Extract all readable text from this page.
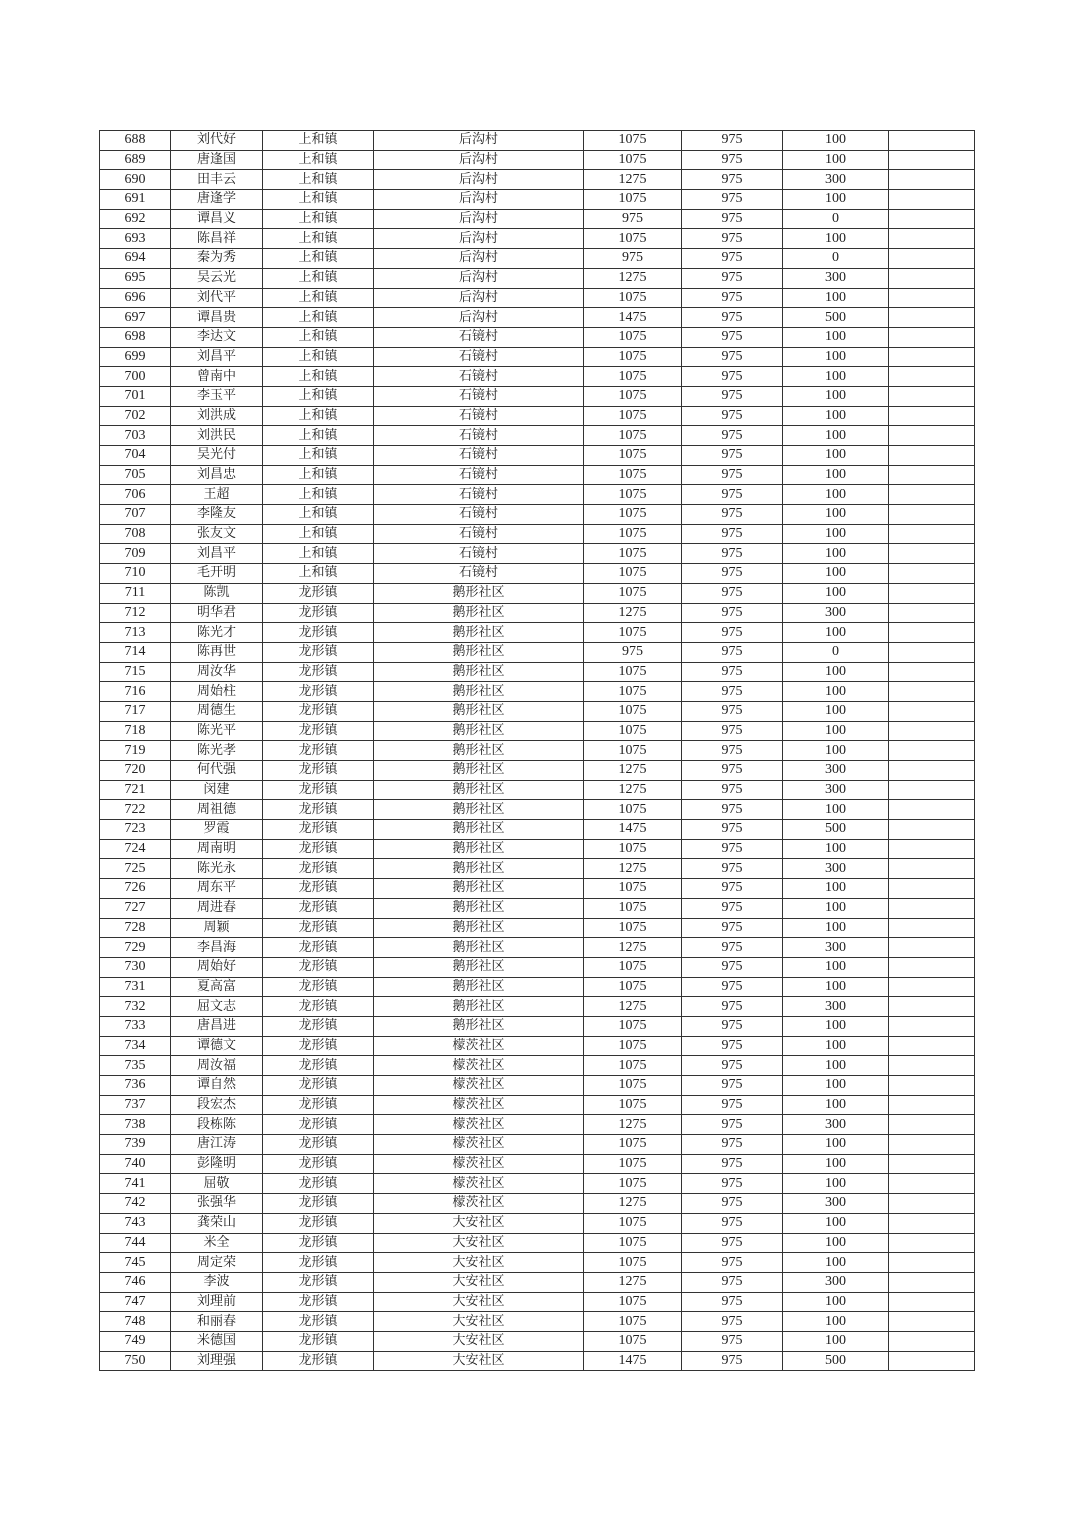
688	刘代好	上和镇	后沟村	1075	975	100	
689	唐逢国	上和镇	后沟村	1075	975	100	
690	田丰云	上和镇	后沟村	1275	975	300	
691	唐逢学	上和镇	后沟村	1075	975	100	
692	谭昌义	上和镇	后沟村	975	975	0	
693	陈昌祥	上和镇	后沟村	1075	975	100	
694	秦为秀	上和镇	后沟村	975	975	0	
695	吴云光	上和镇	后沟村	1275	975	300	
696	刘代平	上和镇	后沟村	1075	975	100	
697	谭昌贵	上和镇	后沟村	1475	975	500	
698	李达文	上和镇	石镜村	1075	975	100	
699	刘昌平	上和镇	石镜村	1075	975	100	
700	曾南中	上和镇	石镜村	1075	975	100	
701	李玉平	上和镇	石镜村	1075	975	100	
702	刘洪成	上和镇	石镜村	1075	975	100	
703	刘洪民	上和镇	石镜村	1075	975	100	
704	吴光付	上和镇	石镜村	1075	975	100	
705	刘昌忠	上和镇	石镜村	1075	975	100	
706	王超	上和镇	石镜村	1075	975	100	
707	李隆友	上和镇	石镜村	1075	975	100	
708	张友文	上和镇	石镜村	1075	975	100	
709	刘昌平	上和镇	石镜村	1075	975	100	
710	毛开明	上和镇	石镜村	1075	975	100	
711	陈凯	龙形镇	鹅形社区	1075	975	100	
712	明华君	龙形镇	鹅形社区	1275	975	300	
713	陈光才	龙形镇	鹅形社区	1075	975	100	
714	陈再世	龙形镇	鹅形社区	975	975	0	
715	周汝华	龙形镇	鹅形社区	1075	975	100	
716	周始柱	龙形镇	鹅形社区	1075	975	100	
717	周德生	龙形镇	鹅形社区	1075	975	100	
718	陈光平	龙形镇	鹅形社区	1075	975	100	
719	陈光孝	龙形镇	鹅形社区	1075	975	100	
720	何代强	龙形镇	鹅形社区	1275	975	300	
721	闵建	龙形镇	鹅形社区	1275	975	300	
722	周祖德	龙形镇	鹅形社区	1075	975	100	
723	罗霞	龙形镇	鹅形社区	1475	975	500	
724	周南明	龙形镇	鹅形社区	1075	975	100	
725	陈光永	龙形镇	鹅形社区	1275	975	300	
726	周东平	龙形镇	鹅形社区	1075	975	100	
727	周进春	龙形镇	鹅形社区	1075	975	100	
728	周颖	龙形镇	鹅形社区	1075	975	100	
729	李昌海	龙形镇	鹅形社区	1275	975	300	
730	周始好	龙形镇	鹅形社区	1075	975	100	
731	夏高富	龙形镇	鹅形社区	1075	975	100	
732	屈文志	龙形镇	鹅形社区	1275	975	300	
733	唐昌进	龙形镇	鹅形社区	1075	975	100	
734	谭德文	龙形镇	檬茨社区	1075	975	100	
735	周汝福	龙形镇	檬茨社区	1075	975	100	
736	谭自然	龙形镇	檬茨社区	1075	975	100	
737	段宏杰	龙形镇	檬茨社区	1075	975	100	
738	段栋陈	龙形镇	檬茨社区	1275	975	300	
739	唐江涛	龙形镇	檬茨社区	1075	975	100	
740	彭隆明	龙形镇	檬茨社区	1075	975	100	
741	屈敬	龙形镇	檬茨社区	1075	975	100	
742	张强华	龙形镇	檬茨社区	1275	975	300	
743	龚荣山	龙形镇	大安社区	1075	975	100	
744	米全	龙形镇	大安社区	1075	975	100	
745	周定荣	龙形镇	大安社区	1075	975	100	
746	李波	龙形镇	大安社区	1275	975	300	
747	刘理前	龙形镇	大安社区	1075	975	100	
748	和丽春	龙形镇	大安社区	1075	975	100	
749	米德国	龙形镇	大安社区	1075	975	100	
750	刘理强	龙形镇	大安社区	1475	975	500	
